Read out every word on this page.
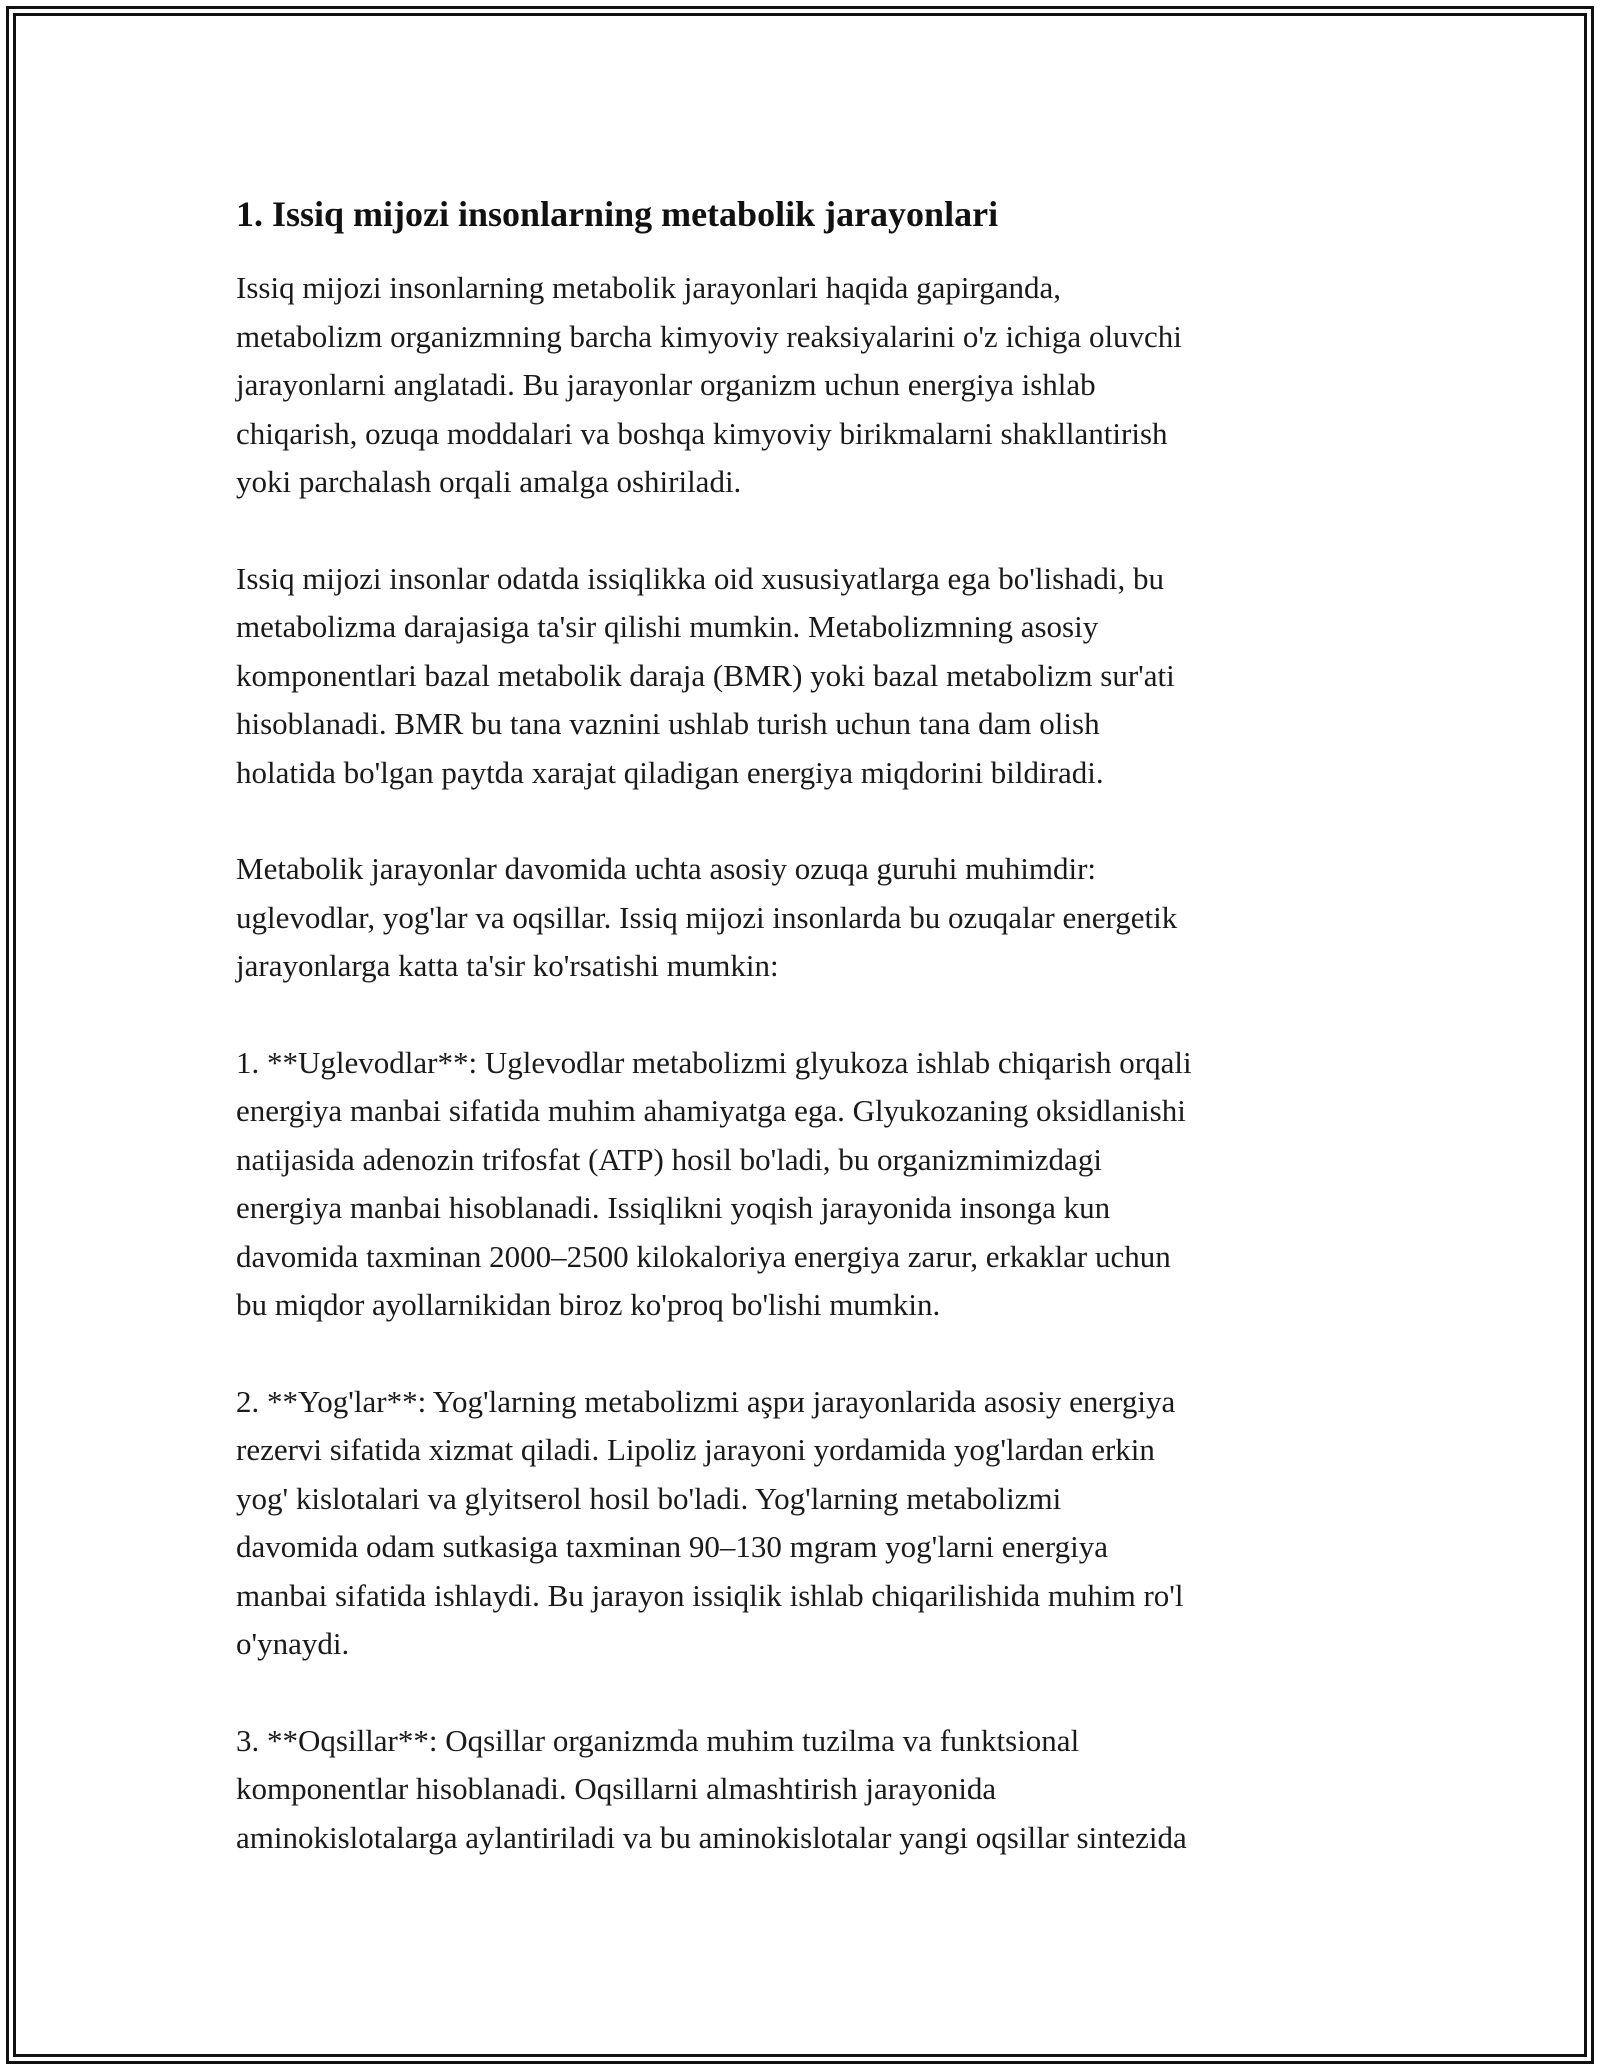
1. Issiq mijozi insonlarning metabolik jarayonlari

Issiq mijozi insonlarning metabolik jarayonlari haqida gapirganda,
metabolizm organizmning barcha kimyoviy reaksiyalarini o'z ichiga oluvchi
jarayonlarni anglatadi. Bu jarayonlar organizm uchun energiya ishlab
chiqarish, ozuqa moddalari va boshqa kimyoviy birikmalarni shakllantirish
yoki parchalash orqali amalga oshiriladi.

Issiq mijozi insonlar odatda issiqlikka oid xususiyatlarga ega bo'lishadi, bu
metabolizma darajasiga ta'sir qilishi mumkin. Metabolizmning asosiy
komponentlari bazal metabolik daraja (BMR) yoki bazal metabolizm sur'ati
hisoblanadi. BMR bu tana vaznini ushlab turish uchun tana dam olish
holatida bo'lgan paytda xarajat qiladigan energiya miqdorini bildiradi.

Metabolik jarayonlar davomida uchta asosiy ozuqa guruhi muhimdir:
uglevodlar, yog'lar va oqsillar. Issiq mijozi insonlarda bu ozuqalar energetik
jarayonlarga katta ta'sir ko'rsatishi mumkin:

1. **Uglevodlar**: Uglevodlar metabolizmi glyukoza ishlab chiqarish orqali
energiya manbai sifatida muhim ahamiyatga ega. Glyukozaning oksidlanishi
natijasida adenozin trifosfat (ATP) hosil bo'ladi, bu organizmimizdagi
energiya manbai hisoblanadi. Issiqlikni yoqish jarayonida insonga kun
davomida taxminan 2000–2500 kilokaloriya energiya zarur, erkaklar uchun
bu miqdor ayollarnikidan biroz ko'proq bo'lishi mumkin.

2. **Yog'lar**: Yog'larning metabolizmi aşpи jarayonlarida asosiy energiya
rezervi sifatida xizmat qiladi. Lipoliz jarayoni yordamida yog'lardan erkin
yog' kislotalari va glyitserol hosil bo'ladi. Yog'larning metabolizmi
davomida odam sutkasiga taxminan 90–130 mgram yog'larni energiya
manbai sifatida ishlaydi. Bu jarayon issiqlik ishlab chiqarilishida muhim ro'l
o'ynaydi.

3. **Oqsillar**: Oqsillar organizmda muhim tuzilma va funktsional
komponentlar hisoblanadi. Oqsillarni almashtirish jarayonida
aminokislotalarga aylantiriladi va bu aminokislotalar yangi oqsillar sintezida
